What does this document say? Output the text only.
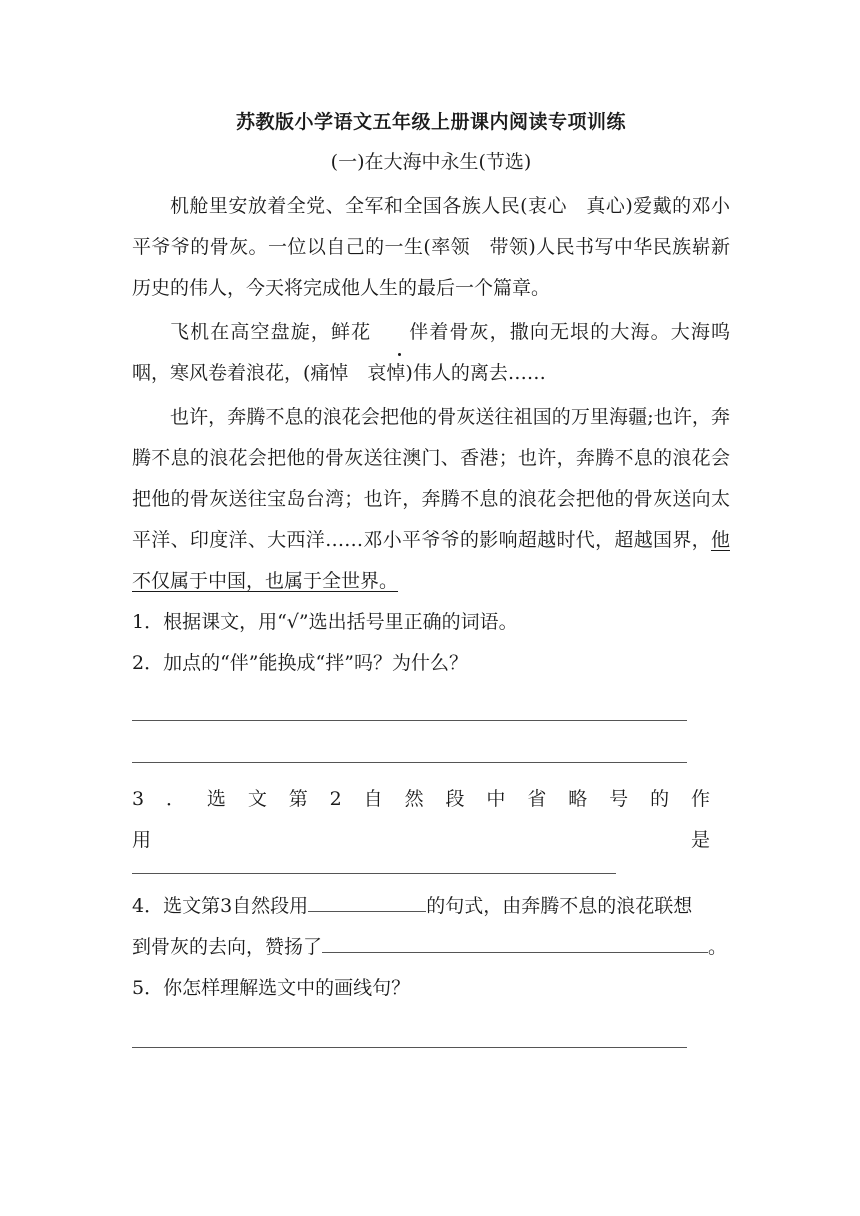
苏教版小学语文五年级上册课内阅读专项训练
(一)在大海中永生(节选)

机舱里安放着全党、全军和全国各族人民(衷心　真心)爱戴的邓小平爷爷的骨灰。一位以自己的一生(率领　带领)人民书写中华民族崭新历史的伟人，今天将完成他人生的最后一个篇章。

飞机在高空盘旋，鲜花 伴着骨灰，撒向无垠的大海。大海呜咽，寒风卷着浪花，(痛悼　哀悼)伟人的离去……

也许，奔腾不息的浪花会把他的骨灰送往祖国的万里海疆;也许，奔腾不息的浪花会把他的骨灰送往澳门、香港；也许，奔腾不息的浪花会把他的骨灰送往宝岛台湾；也许，奔腾不息的浪花会把他的骨灰送向太平洋、印度洋、大西洋……邓小平爷爷的影响超越时代，超越国界，他不仅属于中国，也属于全世界。

1．根据课文，用“√”选出括号里正确的词语。

2．加点的“伴”能换成“拌”吗？为什么？

3．选文第2自然段中省略号的作用是

4．选文第3自然段用	的句式，由奔腾不息的浪花联想

到骨灰的去向，赞扬了	。

5．你怎样理解选文中的画线句？
